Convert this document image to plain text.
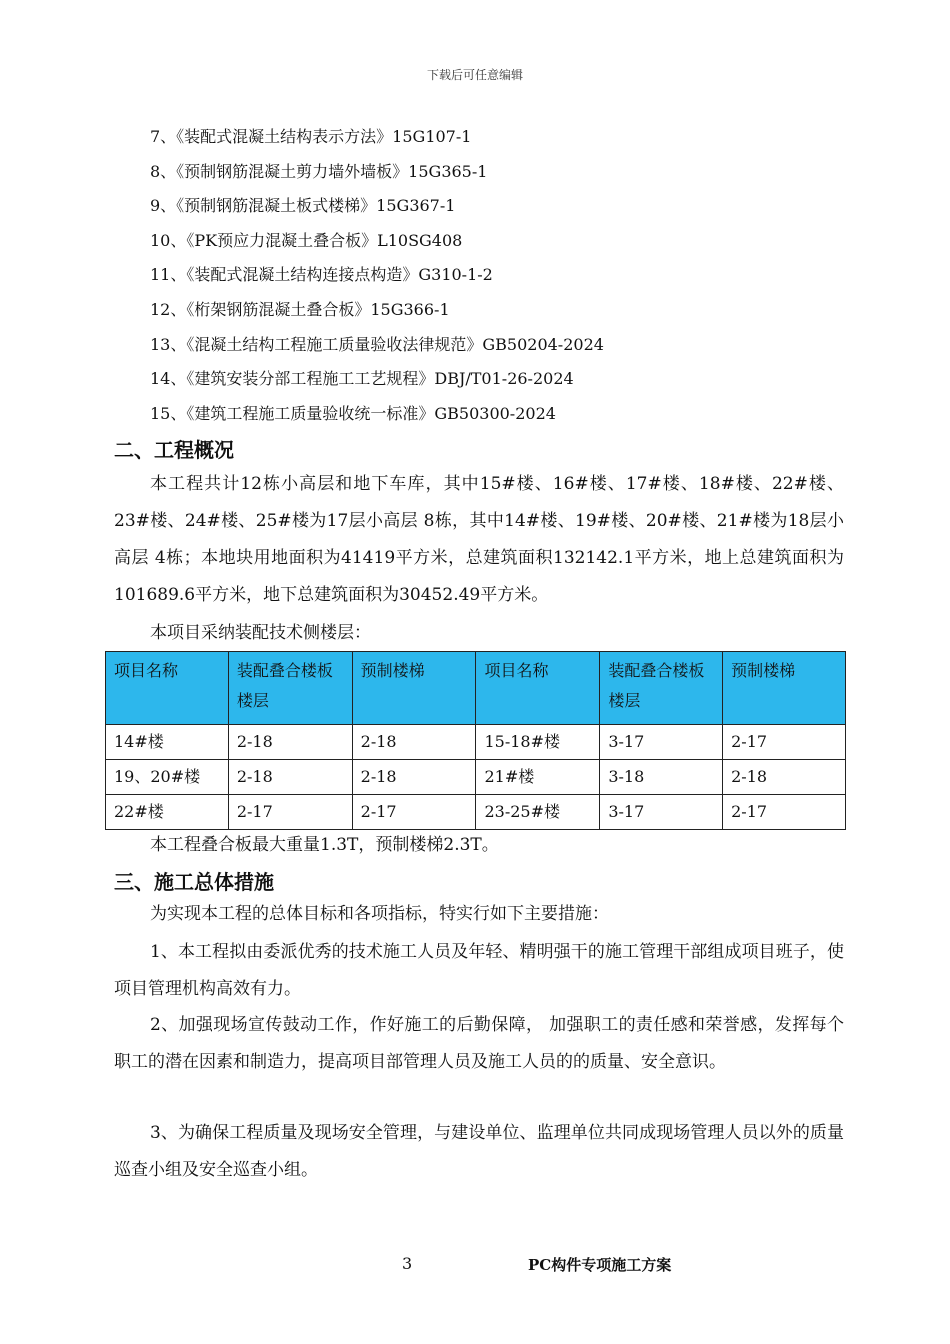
下载后可任意编辑
7、《装配式混凝土结构表示方法》15G107-1
8、《预制钢筋混凝土剪力墙外墙板》15G365-1
9、《预制钢筋混凝土板式楼梯》15G367-1
10、《PK预应力混凝土叠合板》L10SG408
11、《装配式混凝土结构连接点构造》G310-1-2
12、《桁架钢筋混凝土叠合板》15G366-1
13、《混凝土结构工程施工质量验收法律规范》GB50204-2024
14、《建筑安装分部工程施工工艺规程》DBJ/T01-26-2024
15、《建筑工程施工质量验收统一标准》GB50300-2024
二、工程概况

本工程共计12栋小高层和地下车库，其中15#楼、16#楼、17#楼、18#楼、22#楼、23#楼、24#楼、25#楼为17层小高层 8栋，其中14#楼、19#楼、20#楼、21#楼为18层小高层 4栋；本地块用地面积为41419平方米，总建筑面积132142.1平方米，地上总建筑面积为101689.6平方米，地下总建筑面积为30452.49平方米。

本项目采纳装配技术侧楼层：

项目名称	装配叠合楼板楼层	预制楼梯	项目名称	装配叠合楼板楼层	预制楼梯
14#楼	2-18	2-18	15-18#楼	3-17	2-17
19、20#楼	2-18	2-18	21#楼	3-18	2-18
22#楼	2-17	2-17	23-25#楼	3-17	2-17

本工程叠合板最大重量1.3T，预制楼梯2.3T。

三、施工总体措施

为实现本工程的总体目标和各项指标，特实行如下主要措施：

1、本工程拟由委派优秀的技术施工人员及年轻、精明强干的施工管理干部组成项目班子，使项目管理机构高效有力。

2、加强现场宣传鼓动工作，作好施工的后勤保障， 加强职工的责任感和荣誉感，发挥每个职工的潜在因素和制造力，提高项目部管理人员及施工人员的的质量、安全意识。

3、为确保工程质量及现场安全管理，与建设单位、监理单位共同成现场管理人员以外的质量巡查小组及安全巡查小组。

3	PC构件专项施工方案
